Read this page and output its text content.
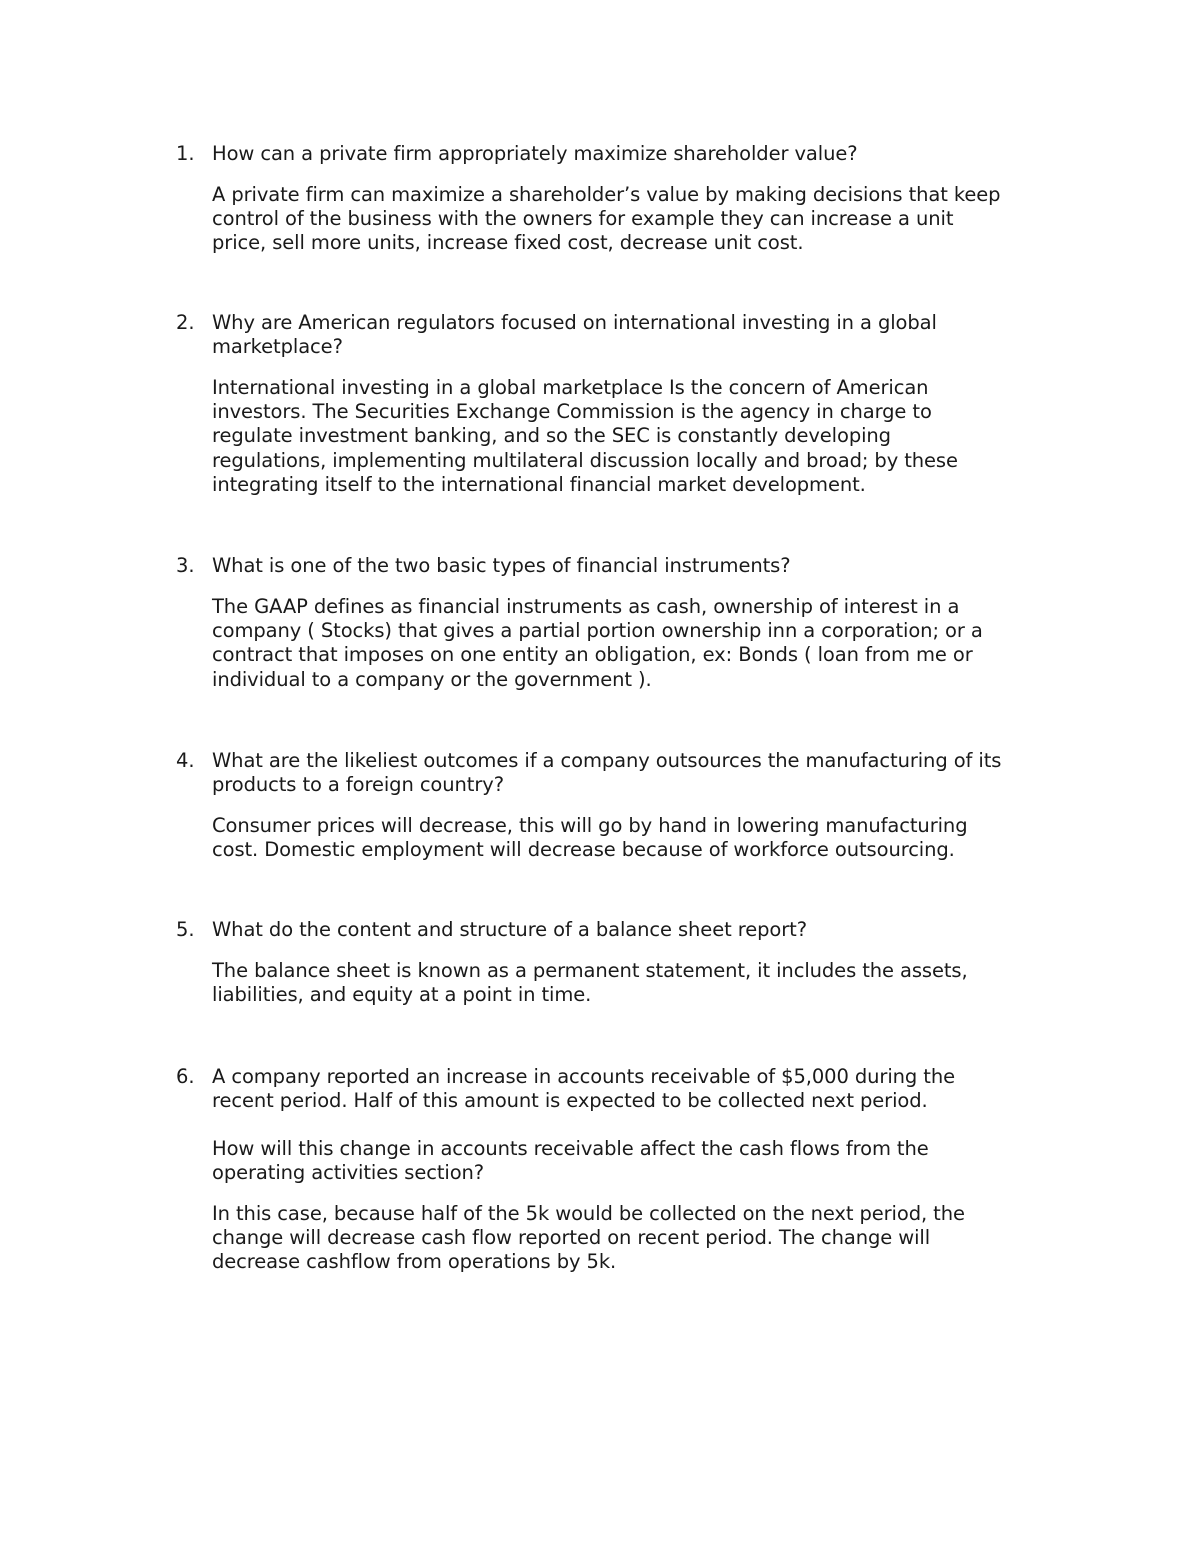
1. How can a private firm appropriately maximize shareholder value?
A private firm can maximize a shareholder’s value by making decisions that keep
control of the business with the owners for example they can increase a unit
price, sell more units, increase fixed cost, decrease unit cost.
2. Why are American regulators focused on international investing in a global
marketplace?
International investing in a global marketplace Is the concern of American
investors. The Securities Exchange Commission is the agency in charge to
regulate investment banking, and so the SEC is constantly developing
regulations, implementing multilateral discussion locally and broad; by these
integrating itself to the international financial market development.
3. What is one of the two basic types of financial instruments?
The GAAP defines as financial instruments as cash, ownership of interest in a
company ( Stocks) that gives a partial portion ownership inn a corporation; or a
contract that imposes on one entity an obligation, ex: Bonds ( loan from me or
individual to a company or the government ).
4. What are the likeliest outcomes if a company outsources the manufacturing of its
products to a foreign country?
Consumer prices will decrease, this will go by hand in lowering manufacturing
cost. Domestic employment will decrease because of workforce outsourcing.
5. What do the content and structure of a balance sheet report?
The balance sheet is known as a permanent statement, it includes the assets,
liabilities, and equity at a point in time.
6. A company reported an increase in accounts receivable of $5,000 during the
recent period. Half of this amount is expected to be collected next period.
How will this change in accounts receivable affect the cash flows from the
operating activities section?
In this case, because half of the 5k would be collected on the next period, the
change will decrease cash flow reported on recent period. The change will
decrease cashflow from operations by 5k.
